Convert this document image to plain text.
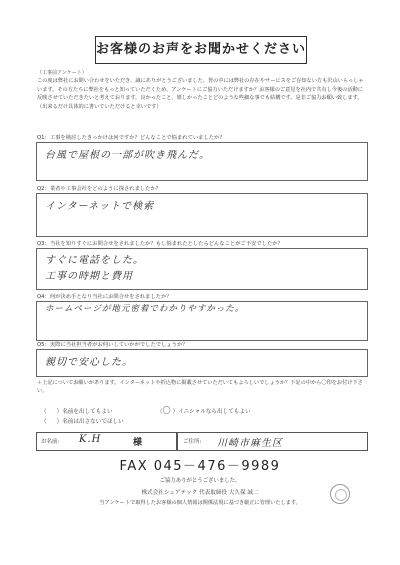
お客様のお声をお聞かせください
（工事前アンケート）
この度は弊社にお問い合わせをいただき、誠にありがとうございました。皆の中には弊社の存在やサービスをご存知ない方も沢山いらっしゃいます。その方たちに弊社をもっと知っていただくため、アンケートにご協力いただけますか？お客様のご意見を社内で共有し今後の活動に反映させていただきたいと考えております。良かったこと、嬉しかったことどのような些細な事でも結構です。是非ご協力お願い致します。（出来るだけ具体的に書いていただけると幸いです）
Q1：工事を検討したきっかけは何ですか？どんなことで悩まれていましたか？
台風で屋根の一部が吹き飛んだ。
Q2：業者や工事会社をどのように探されましたか？
インターネットで検索
Q3：当社を知りすぐにお問合せをされましたか？もし悩まれたとしたらどんなことがご不安でしたか？
すぐに電話をした。
工事の時期と費用
Q4：何が決め手となり当社にお問合せをされましたか？
ホームページが地元密着でわかりやすかった。
Q5：実際に当社担当者がお伺いしていかがでしたでしょうか？
親切で安心した。
＋上記についてお願いがあります。インターネットや折込物に掲載させていただいてもよろしいでしょうか？下記の中から〇印をお付け下さい。
（ ）名前を出してもよい	（〇 ）イニシャルなら出してもよい
（ ）名前は出さないでほしい
お名前: K.H	様	ご住所: 川崎市麻生区
FAX 045－476－9989
ご協力ありがとうございました。
株式会社シェアテック 代表取締役 大久保 誠二
当アンケートで取得したお客様の個人情報は関係法規に基づき厳正に管理いたします。
